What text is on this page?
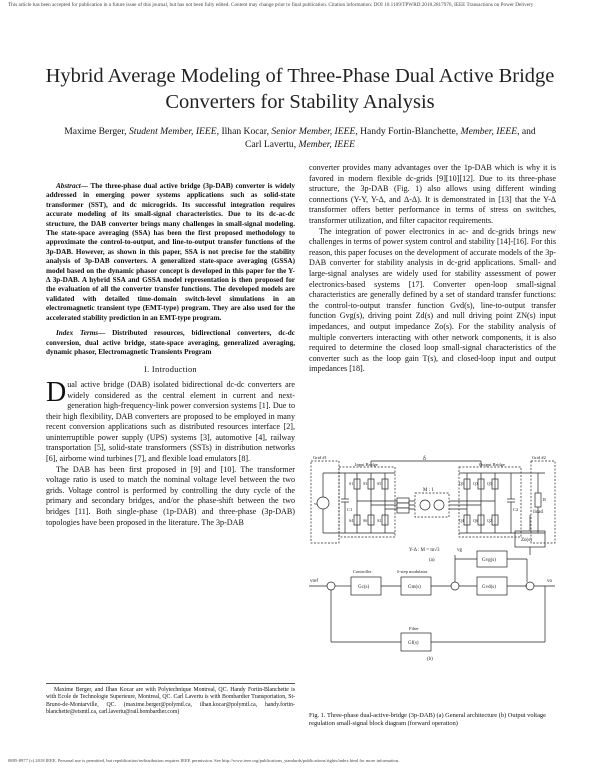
This article has been accepted for publication in a future issue of this journal, but has not been fully edited. Content may change prior to final publication. Citation information: DOI 10.1109/TPWRD.2018.2817976, IEEE Transactions on Power Delivery
Hybrid Average Modeling of Three-Phase Dual Active Bridge Converters for Stability Analysis
Maxime Berger, Student Member, IEEE, Ilhan Kocar, Senior Member, IEEE, Handy Fortin-Blanchette, Member, IEEE, and Carl Lavertu, Member, IEEE
Abstract— The three-phase dual active bridge (3p-DAB) converter is widely addressed in emerging power systems applications such as solid-state transformer (SST), and dc microgrids. Its successful integration requires accurate modeling of its small-signal characteristics. Due to its dc-ac-dc structure, the DAB converter brings many challenges in small-signal modeling. The state-space averaging (SSA) has been the first proposed methodology to approximate the control-to-output, and line-to-output transfer functions of the 3p-DAB. However, as shown in this paper, SSA is not precise for the stability analysis of 3p-DAB converters. A generalized state-space averaging (GSSA) model based on the dynamic phasor concept is developed in this paper for the Y-Δ 3p-DAB. A hybrid SSA and GSSA model representation is then proposed for the evaluation of all the converter transfer functions. The developed models are validated with detailed time-domain switch-level simulations in an electromagnetic transient type (EMT-type) program. They are also used for the accelerated stability prediction in an EMT-type program.
Index Terms— Distributed resources, bidirectional converters, dc-dc conversion, dual active bridge, state-space averaging, generalized averaging, dynamic phasor, Electromagnetic Transients Program
I. Introduction

Dual active bridge (DAB) isolated bidirectional dc-dc converters are widely considered as the central element in current and next-generation high-frequency-link power conversion systems [1]. Due to their high flexibility, DAB converters are proposed to be employed in many recent conversion applications such as distributed resources interface [2], uninterruptible power supply (UPS) systems [3], automotive [4], railway transportation [5], solid-state transformers (SSTs) in distribution networks [6], airborne wind turbines [7], and flexible load emulators [8].

The DAB has been first proposed in [9] and [10]. The transformer voltage ratio is used to match the nominal voltage level between the two grids. Voltage control is performed by controlling the duty cycle of the primary and secondary bridges, and/or the phase-shift between the two bridges [11]. Both single-phase (1p-DAB) and three-phase (3p-DAB) topologies have been proposed in the literature. The 3p-DAB

converter provides many advantages over the 1p-DAB which is why it is favored in modern flexible dc-grids [9][10][12]. Due to its three-phase structure, the 3p-DAB (Fig. 1) also allows using different winding connections (Y-Y, Y-Δ, and Δ-Δ). It is demonstrated in [13] that the Y-Δ transformer offers better performance in terms of stress on switches, transformer utilization, and filter capacitor requirements.

The integration of power electronics in ac- and dc-grids brings new challenges in terms of power system control and stability [14]-[16]. For this reason, this paper focuses on the development of accurate models of the 3p-DAB converter for stability analysis in dc-grid applications. Small- and large-signal analyses are widely used for stability assessment of power electronics-based systems [17]. Converter open-loop small-signal characteristics are generally defined by a set of standard transfer functions: the control-to-output transfer function Gvd(s), line-to-output transfer function Gvg(s), driving point Zd(s) and null driving point ZN(s) input impedances, and output impedance Zo(s). For the stability analysis of multiple converters interacting with other network components, it is also required to determine the closed loop small-signal characteristics of the converter such as the loop gain T(s), and closed-loop input and output impedances [18].

Grid #1	Grid #2
Input Bridge	Output Bridge
δ
M : 1
Y-Δ : M = m√3
(a)
vi
C1	C2
R
S1 S3 S5
S4 S6 S2
Q1 Q3 Q5
Q4 Q6 Q2
vref	vo
vg
iload
Controller	δ-step modulator
Filter
Gc(s)	Gm(s)	Gvd(s)
Gvg(s)
Zo(s)
Gf(s)
(b)
Fig. 1. Three-phase dual-active-bridge (3p-DAB) (a) General architecture (b) Output voltage regulation small-signal block diagram (forward operation)
Maxime Berger, and Ilhan Kocar are with Polytechnique Montreal, QC. Handy Fortin-Blanchette is with Ecole de Technologie Superieure, Montreal, QC. Carl Lavertu is with Bombardier Transportation, St-Bruno-de-Montarville, QC. (maxime.berger@polymtl.ca, ilhan.kocar@polymtl.ca, handy.fortin-blanchette@etsmtl.ca, carl.lavertu@rail.bombardier.com)
0885-8977 (c) 2018 IEEE. Personal use is permitted, but republication/redistribution requires IEEE permission. See http://www.ieee.org/publications_standards/publications/rights/index.html for more information.
